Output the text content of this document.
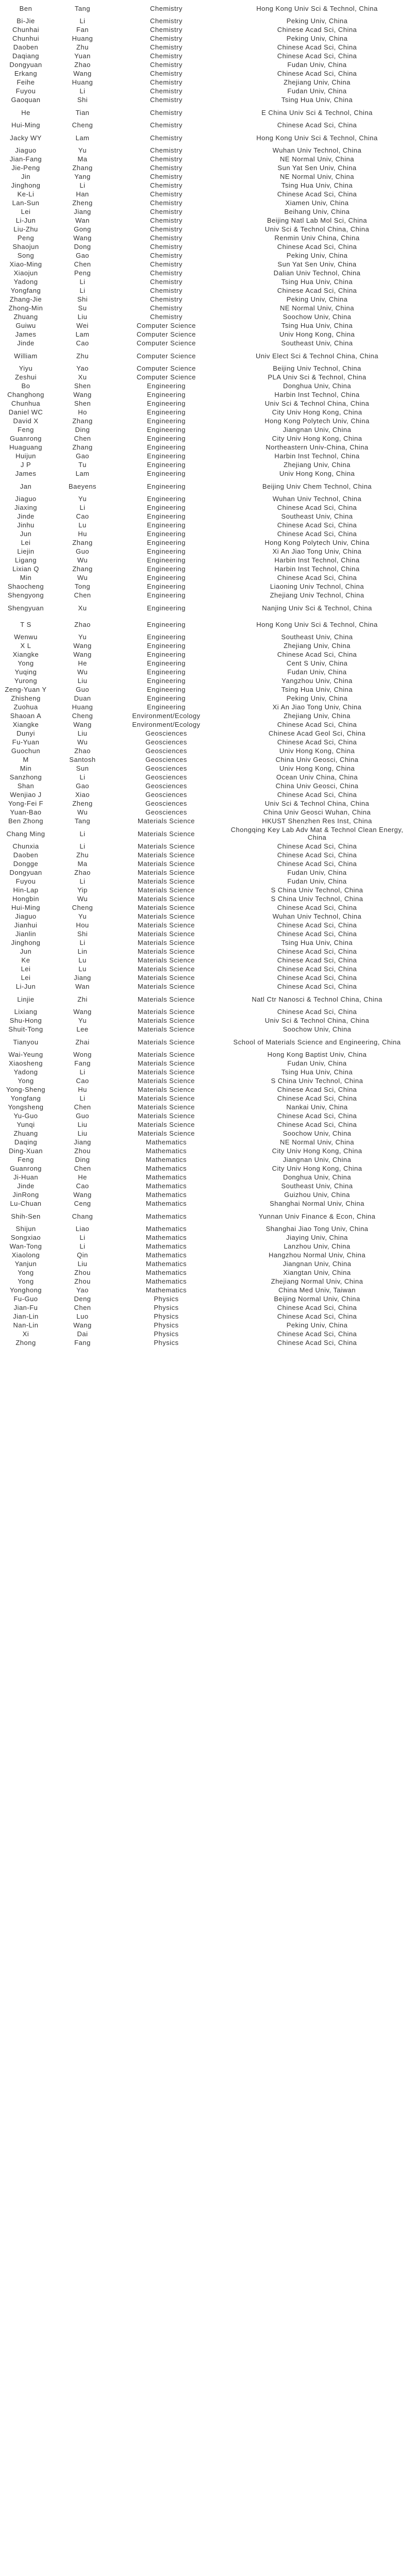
Ben	Tang	Chemistry	Hong Kong Univ Sci & Technol, China
Bi-Jie	Li	Chemistry	Peking Univ, China
Chunhai	Fan	Chemistry	Chinese Acad Sci, China
Chunhui	Huang	Chemistry	Peking Univ, China
Daoben	Zhu	Chemistry	Chinese Acad Sci, China
Daqiang	Yuan	Chemistry	Chinese Acad Sci, China
Dongyuan	Zhao	Chemistry	Fudan Univ, China
Erkang	Wang	Chemistry	Chinese Acad Sci, China
Feihe	Huang	Chemistry	Zhejiang Univ, China
Fuyou	Li	Chemistry	Fudan Univ, China
Gaoquan	Shi	Chemistry	Tsing Hua Univ, China
He	Tian	Chemistry	E China Univ Sci & Technol, China
Hui-Ming	Cheng	Chemistry	Chinese Acad Sci, China
Jacky WY	Lam	Chemistry	Hong Kong Univ Sci & Technol, China
Jiaguo	Yu	Chemistry	Wuhan Univ Technol, China
Jian-Fang	Ma	Chemistry	NE Normal Univ, China
Jie-Peng	Zhang	Chemistry	Sun Yat Sen Univ, China
Jin	Yang	Chemistry	NE Normal Univ, China
Jinghong	Li	Chemistry	Tsing Hua Univ, China
Ke-Li	Han	Chemistry	Chinese Acad Sci, China
Lan-Sun	Zheng	Chemistry	Xiamen Univ, China
Lei	Jiang	Chemistry	Beihang Univ, China
Li-Jun	Wan	Chemistry	Beijing Natl Lab Mol Sci, China
Liu-Zhu	Gong	Chemistry	Univ Sci & Technol China, China
Peng	Wang	Chemistry	Renmin Univ China, China
Shaojun	Dong	Chemistry	Chinese Acad Sci, China
Song	Gao	Chemistry	Peking Univ, China
Xiao-Ming	Chen	Chemistry	Sun Yat Sen Univ, China
Xiaojun	Peng	Chemistry	Dalian Univ Technol, China
Yadong	Li	Chemistry	Tsing Hua Univ, China
Yongfang	Li	Chemistry	Chinese Acad Sci, China
Zhang-Jie	Shi	Chemistry	Peking Univ, China
Zhong-Min	Su	Chemistry	NE Normal Univ, China
Zhuang	Liu	Chemistry	Soochow Univ, China
Guiwu	Wei	Computer Science	Tsing Hua Univ, China
James	Lam	Computer Science	Univ Hong Kong, China
Jinde	Cao	Computer Science	Southeast Univ, China
William	Zhu	Computer Science	Univ Elect Sci & Technol China, China
Yiyu	Yao	Computer Science	Beijing Univ Technol, China
Zeshui	Xu	Computer Science	PLA Univ Sci & Technol, China
Bo	Shen	Engineering	Donghua Univ, China
Changhong	Wang	Engineering	Harbin Inst Technol, China
Chunhua	Shen	Engineering	Univ Sci & Technol China, China
Daniel WC	Ho	Engineering	City Univ Hong Kong, China
David X	Zhang	Engineering	Hong Kong Polytech Univ, China
Feng	Ding	Engineering	Jiangnan Univ, China
Guanrong	Chen	Engineering	City Univ Hong Kong, China
Huaguang	Zhang	Engineering	Northeastern Univ-China, China
Huijun	Gao	Engineering	Harbin Inst Technol, China
J P	Tu	Engineering	Zhejiang Univ, China
James	Lam	Engineering	Univ Hong Kong, China
Jan	Baeyens	Engineering	Beijing Univ Chem Technol, China
Jiaguo	Yu	Engineering	Wuhan Univ Technol, China
Jiaxing	Li	Engineering	Chinese Acad Sci, China
Jinde	Cao	Engineering	Southeast Univ, China
Jinhu	Lu	Engineering	Chinese Acad Sci, China
Jun	Hu	Engineering	Chinese Acad Sci, China
Lei	Zhang	Engineering	Hong Kong Polytech Univ, China
Liejin	Guo	Engineering	Xi An Jiao Tong Univ, China
Ligang	Wu	Engineering	Harbin Inst Technol, China
Lixian Q	Zhang	Engineering	Harbin Inst Technol, China
Min	Wu	Engineering	Chinese Acad Sci, China
Shaocheng	Tong	Engineering	Liaoning Univ Technol, China
Shengyong	Chen	Engineering	Zhejiang Univ Technol, China
Shengyuan	Xu	Engineering	Nanjing Univ Sci & Technol, China
T S	Zhao	Engineering	Hong Kong Univ Sci & Technol, China
Wenwu	Yu	Engineering	Southeast Univ, China
X L	Wang	Engineering	Zhejiang Univ, China
Xiangke	Wang	Engineering	Chinese Acad Sci, China
Yong	He	Engineering	Cent S Univ, China
Yuqing	Wu	Engineering	Fudan Univ, China
Yurong	Liu	Engineering	Yangzhou Univ, China
Zeng-Yuan Y	Guo	Engineering	Tsing Hua Univ, China
Zhisheng	Duan	Engineering	Peking Univ, China
Zuohua	Huang	Engineering	Xi An Jiao Tong Univ, China
Shaoan A	Cheng	Environment/Ecology	Zhejiang Univ, China
Xiangke	Wang	Environment/Ecology	Chinese Acad Sci, China
Dunyi	Liu	Geosciences	Chinese Acad Geol Sci, China
Fu-Yuan	Wu	Geosciences	Chinese Acad Sci, China
Guochun	Zhao	Geosciences	Univ Hong Kong, China
M	Santosh	Geosciences	China Univ Geosci, China
Min	Sun	Geosciences	Univ Hong Kong, China
Sanzhong	Li	Geosciences	Ocean Univ China, China
Shan	Gao	Geosciences	China Univ Geosci, China
Wenjiao J	Xiao	Geosciences	Chinese Acad Sci, China
Yong-Fei F	Zheng	Geosciences	Univ Sci & Technol China, China
Yuan-Bao	Wu	Geosciences	China Univ Geosci Wuhan, China
Ben Zhong	Tang	Materials Science	HKUST Shenzhen Res Inst, China
Chang Ming	Li	Materials Science	Chongqing Key Lab Adv Mat & Technol Clean Energy, China
Chunxia	Li	Materials Science	Chinese Acad Sci, China
Daoben	Zhu	Materials Science	Chinese Acad Sci, China
Dongge	Ma	Materials Science	Chinese Acad Sci, China
Dongyuan	Zhao	Materials Science	Fudan Univ, China
Fuyou	Li	Materials Science	Fudan Univ, China
Hin-Lap	Yip	Materials Science	S China Univ Technol, China
Hongbin	Wu	Materials Science	S China Univ Technol, China
Hui-Ming	Cheng	Materials Science	Chinese Acad Sci, China
Jiaguo	Yu	Materials Science	Wuhan Univ Technol, China
Jianhui	Hou	Materials Science	Chinese Acad Sci, China
Jianlin	Shi	Materials Science	Chinese Acad Sci, China
Jinghong	Li	Materials Science	Tsing Hua Univ, China
Jun	Lin	Materials Science	Chinese Acad Sci, China
Ke	Lu	Materials Science	Chinese Acad Sci, China
Lei	Lu	Materials Science	Chinese Acad Sci, China
Lei	Jiang	Materials Science	Chinese Acad Sci, China
Li-Jun	Wan	Materials Science	Chinese Acad Sci, China
Linjie	Zhi	Materials Science	Natl Ctr Nanosci & Technol China, China
Lixiang	Wang	Materials Science	Chinese Acad Sci, China
Shu-Hong	Yu	Materials Science	Univ Sci & Technol China, China
Shuit-Tong	Lee	Materials Science	Soochow Univ, China
Tianyou	Zhai	Materials Science	School of Materials Science and Engineering, China
Wai-Yeung	Wong	Materials Science	Hong Kong Baptist Univ, China
Xiaosheng	Fang	Materials Science	Fudan Univ, China
Yadong	Li	Materials Science	Tsing Hua Univ, China
Yong	Cao	Materials Science	S China Univ Technol, China
Yong-Sheng	Hu	Materials Science	Chinese Acad Sci, China
Yongfang	Li	Materials Science	Chinese Acad Sci, China
Yongsheng	Chen	Materials Science	Nankai Univ, China
Yu-Guo	Guo	Materials Science	Chinese Acad Sci, China
Yunqi	Liu	Materials Science	Chinese Acad Sci, China
Zhuang	Liu	Materials Science	Soochow Univ, China
Daqing	Jiang	Mathematics	NE Normal Univ, China
Ding-Xuan	Zhou	Mathematics	City Univ Hong Kong, China
Feng	Ding	Mathematics	Jiangnan Univ, China
Guanrong	Chen	Mathematics	City Univ Hong Kong, China
Ji-Huan	He	Mathematics	Donghua Univ, China
Jinde	Cao	Mathematics	Southeast Univ, China
JinRong	Wang	Mathematics	Guizhou Univ, China
Lu-Chuan	Ceng	Mathematics	Shanghai Normal Univ, China
Shih-Sen	Chang	Mathematics	Yunnan Univ Finance & Econ, China
Shijun	Liao	Mathematics	Shanghai Jiao Tong Univ, China
Songxiao	Li	Mathematics	Jiaying Univ, China
Wan-Tong	Li	Mathematics	Lanzhou Univ, China
Xiaolong	Qin	Mathematics	Hangzhou Normal Univ, China
Yanjun	Liu	Mathematics	Jiangnan Univ, China
Yong	Zhou	Mathematics	Xiangtan Univ, China
Yong	Zhou	Mathematics	Zhejiang Normal Univ, China
Yonghong	Yao	Mathematics	China Med Univ, Taiwan
Fu-Guo	Deng	Physics	Beijing Normal Univ, China
Jian-Fu	Chen	Physics	Chinese Acad Sci, China
Jian-Lin	Luo	Physics	Chinese Acad Sci, China
Nan-Lin	Wang	Physics	Peking Univ, China
Xi	Dai	Physics	Chinese Acad Sci, China
Zhong	Fang	Physics	Chinese Acad Sci, China
